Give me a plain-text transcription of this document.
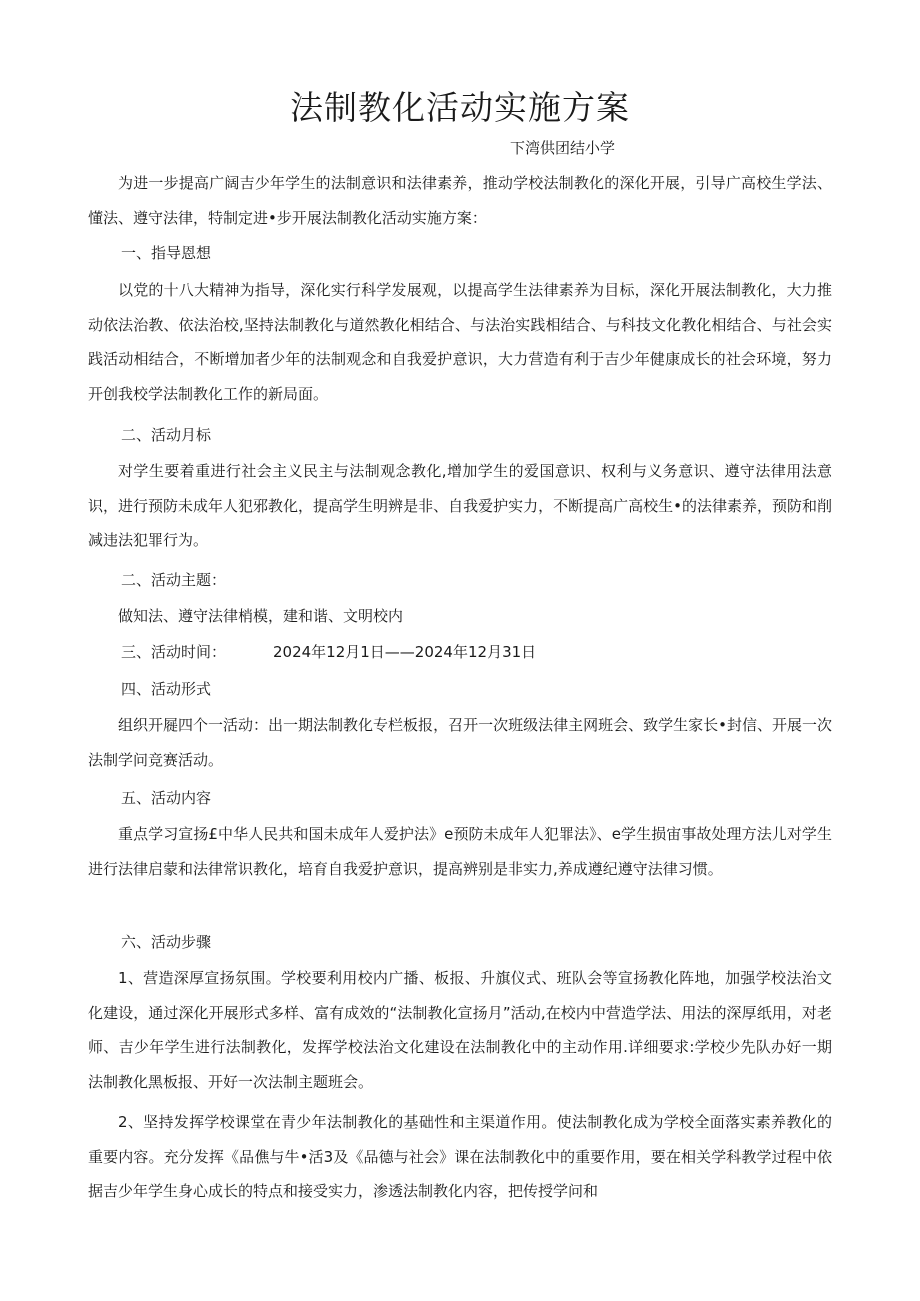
法制教化活动实施方案

下湾供团结小学

为进一步提高广阔吉少年学生的法制意识和法律素养，推动学校法制教化的深化开展，引导广高校生学法、懂法、遵守法律，特制定进•步开展法制教化活动实施方案：

一、指导恩想

以党的十八大精神为指导，深化实行科学发展观，以提高学生法律素养为目标，深化开展法制教化，大力推动依法治教、依法治校,坚持法制教化与道然教化相结合、与法治实践相结合、与科技文化教化相结合、与社会实践活动相结合，不断增加者少年的法制观念和自我爱护意识，大力营造有利于吉少年健康成长的社会环境，努力开创我校学法制教化工作的新局面。

二、活动月标

对学生要着重进行社会主义民主与法制观念教化,增加学生的爱国意识、权利与义务意识、遵守法律用法意识，进行预防未成年人犯邪教化，提高学生明辨是非、自我爱护实力，不断提高广高校生•的法律素养，预防和削减违法犯罪行为。

二、活动主题：

做知法、遵守法律梢模，建和谐、文明校内

三、活动时间：	2024年12月1日——2024年12月31日

四、活动形式

组织开屣四个一活动：出一期法制教化专栏板报，召开一次班级法律主网班会、致学生家长•封信、开展一次法制学问竞赛活动。

五、活动内容

重点学习宣扬£中华人民共和国未成年人爱护法》e预防未成年人犯罪法》、e学生损宙事故处理方法儿对学生进行法律启蒙和法律常识教化，培育自我爱护意识，提高辨别是非实力,养成遵纪遵守法律习惯。

六、活动步骤

1、营造深厚宣扬氛围。学校要利用校内广播、板报、升旗仪式、班队会等宣扬教化阵地，加强学校法治文化建设，通过深化开展形式多样、富有成效的“法制教化宣扬月”活动,在校内中营造学法、用法的深厚纸用，对老师、吉少年学生进行法制教化，发挥学校法治文化建设在法制教化中的主动作用.详细要求:学校少先队办好一期法制教化黑板报、开好一次法制主题班会。

2、坚持发挥学校课堂在青少年法制教化的基础性和主渠道作用。使法制教化成为学校全面落实素养教化的重要内容。充分发挥《品僬与牛•活3及《品德与社会》课在法制教化中的重要作用，要在相关学科教学过程中依据吉少年学生身心成长的特点和接受实力，渗透法制教化内容，把传授学问和
